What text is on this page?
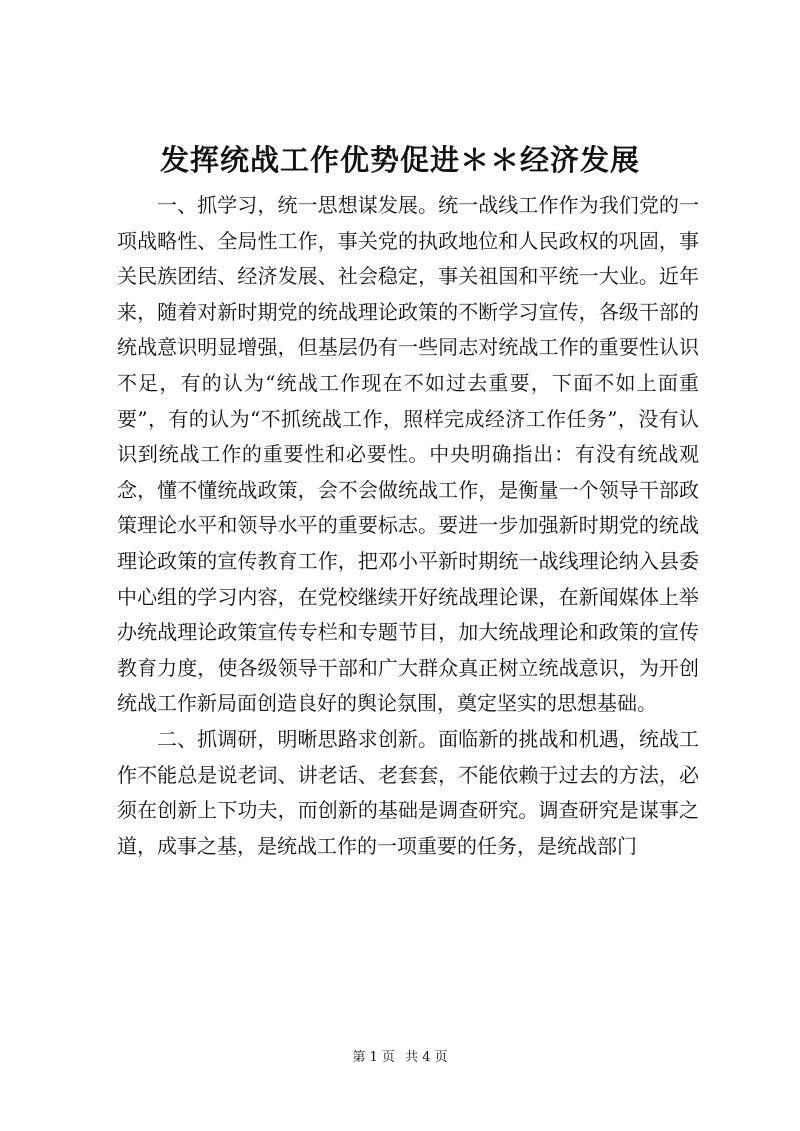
发挥统战工作优势促进＊＊经济发展

一、抓学习，统一思想谋发展。统一战线工作作为我们党的一项战略性、全局性工作，事关党的执政地位和人民政权的巩固，事关民族团结、经济发展、社会稳定，事关祖国和平统一大业。近年来，随着对新时期党的统战理论政策的不断学习宣传，各级干部的统战意识明显增强，但基层仍有一些同志对统战工作的重要性认识不足，有的认为“统战工作现在不如过去重要，下面不如上面重要”，有的认为“不抓统战工作，照样完成经济工作任务”，没有认识到统战工作的重要性和必要性。中央明确指出：有没有统战观念，懂不懂统战政策，会不会做统战工作，是衡量一个领导干部政策理论水平和领导水平的重要标志。要进一步加强新时期党的统战理论政策的宣传教育工作，把邓小平新时期统一战线理论纳入县委中心组的学习内容，在党校继续开好统战理论课，在新闻媒体上举办统战理论政策宣传专栏和专题节目，加大统战理论和政策的宣传教育力度，使各级领导干部和广大群众真正树立统战意识，为开创统战工作新局面创造良好的舆论氛围，奠定坚实的思想基础。

二、抓调研，明晰思路求创新。面临新的挑战和机遇，统战工作不能总是说老词、讲老话、老套套，不能依赖于过去的方法，必须在创新上下功夫，而创新的基础是调查研究。调查研究是谋事之道，成事之基，是统战工作的一项重要的任务，是统战部门

第 1 页 共 4 页
